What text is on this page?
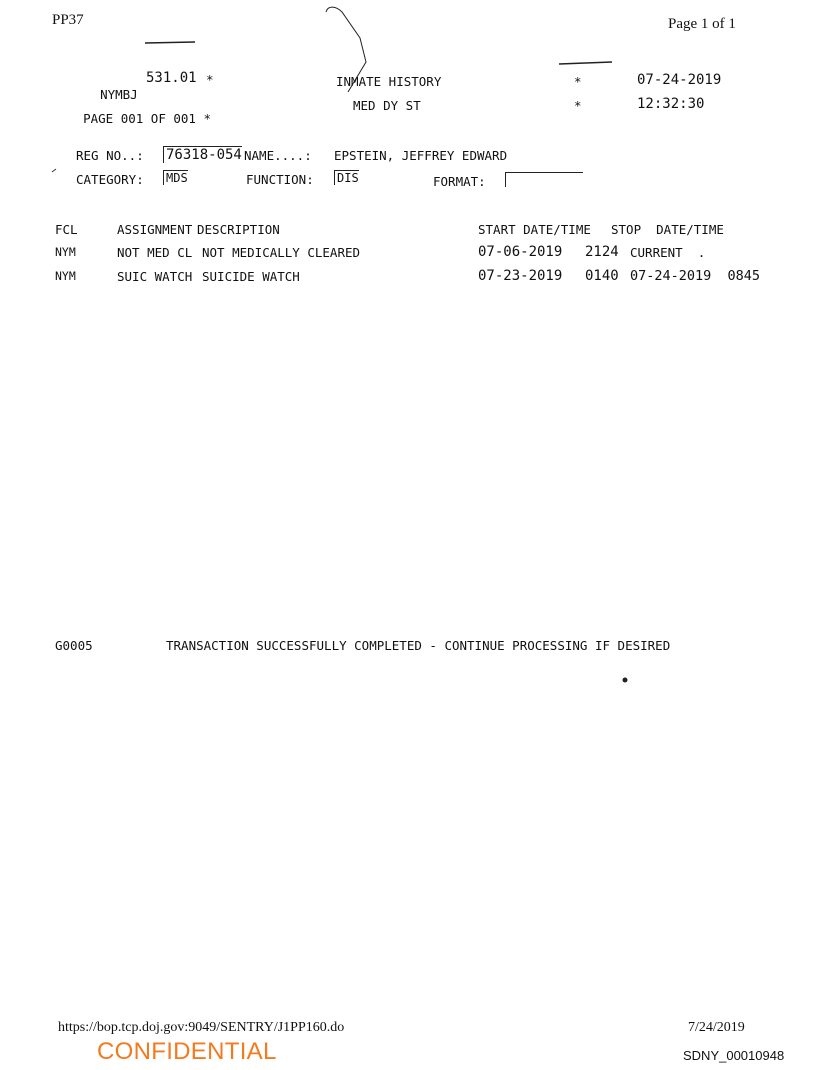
PP37	Page 1 of 1

NYMBJ

531.01 *	INMATE HISTORY	*	07-24-2019

PAGE 001 OF 001 *

MED DY ST	*	12:32:30
REG NO..: 76318-054 NAME....: EPSTEIN, JEFFREY EDWARD
CATEGORY: MDS	FUNCTION: DIS	FORMAT:
FCL	ASSIGNMENT DESCRIPTION	START DATE/TIME STOP  DATE/TIME
NYM	NOT MED CL NOT MEDICALLY CLEARED	07-06-2019 2124 CURRENT  .
NYM	SUIC WATCH SUICIDE WATCH	07-23-2019 0140 07-24-2019  0845
G0005	TRANSACTION SUCCESSFULLY COMPLETED - CONTINUE PROCESSING IF DESIRED
https://bop.tcp.doj.gov:9049/SENTRY/J1PP160.do	7/24/2019
CONFIDENTIAL	SDNY_00010948
